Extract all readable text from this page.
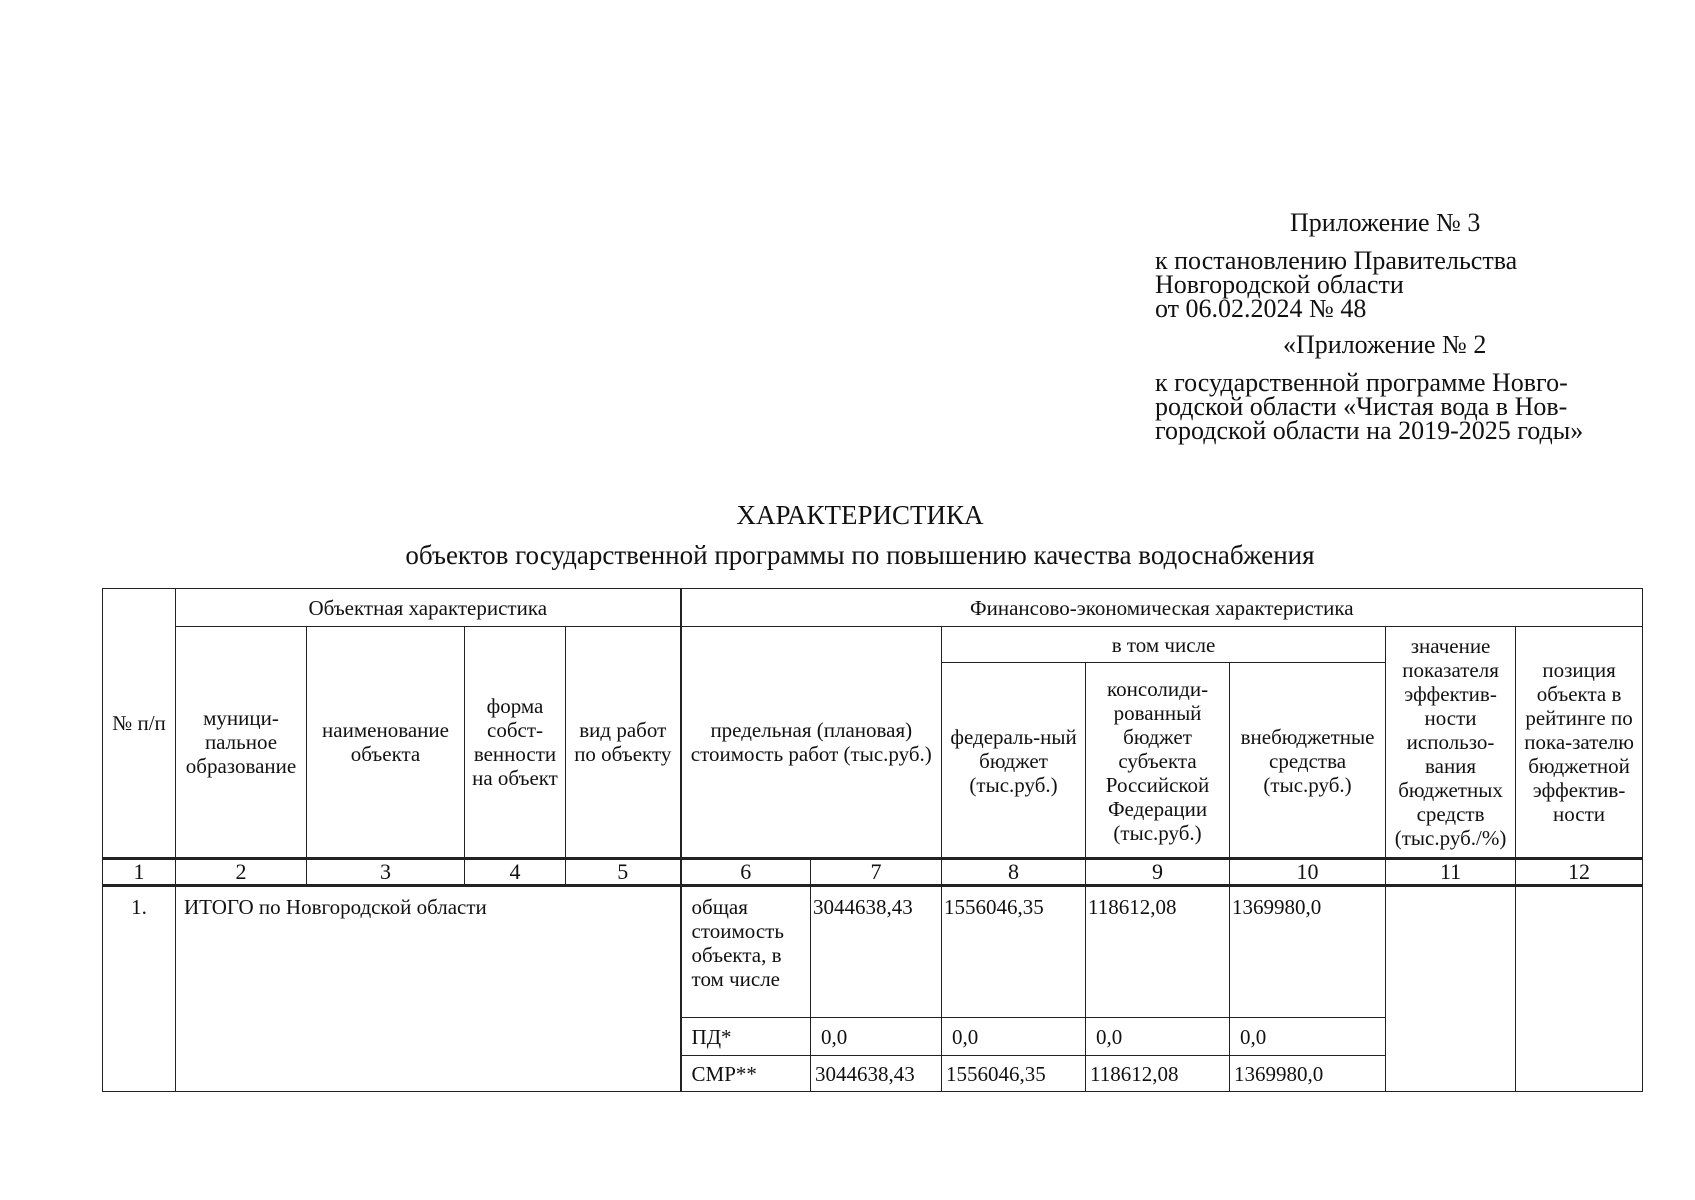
Приложение № 3
к постановлению Правительства
Новгородской области
от 06.02.2024 № 48
«Приложение № 2
к государственной программе Новго-
родской области «Чистая вода в Нов-
городской области на 2019-2025 годы»
ХАРАКТЕРИСТИКА
объектов государственной программы по повышению качества водоснабжения
№ п/п	Объектная характеристика				Финансово-экономическая характеристика						
	муници-пальное образование	наименование объекта	форма собст-венности на объект	вид работ по объекту	предельная (плановая) стоимость работ (тыс.руб.)		в том числе			значение показателя эффектив-ности использо-вания бюджетных средств (тыс.руб./%)	позиция объекта в рейтинге по пока-зателю бюджетной эффектив-ности
							федераль-ный бюджет (тыс.руб.)	консолиди-рованный бюджет субъекта Российской Федерации (тыс.руб.)	внебюджетные средства (тыс.руб.)		

1	2	3	4	5	6	7	8	9	10	11	12
1.	ИТОГО по Новгородской области				общая стоимость объекта, в том числе	3044638,43	1556046,35	118612,08	1369980,0		
					ПД*	0,0	0,0	0,0	0,0		
					СМР**	3044638,43	1556046,35	118612,08	1369980,0		
